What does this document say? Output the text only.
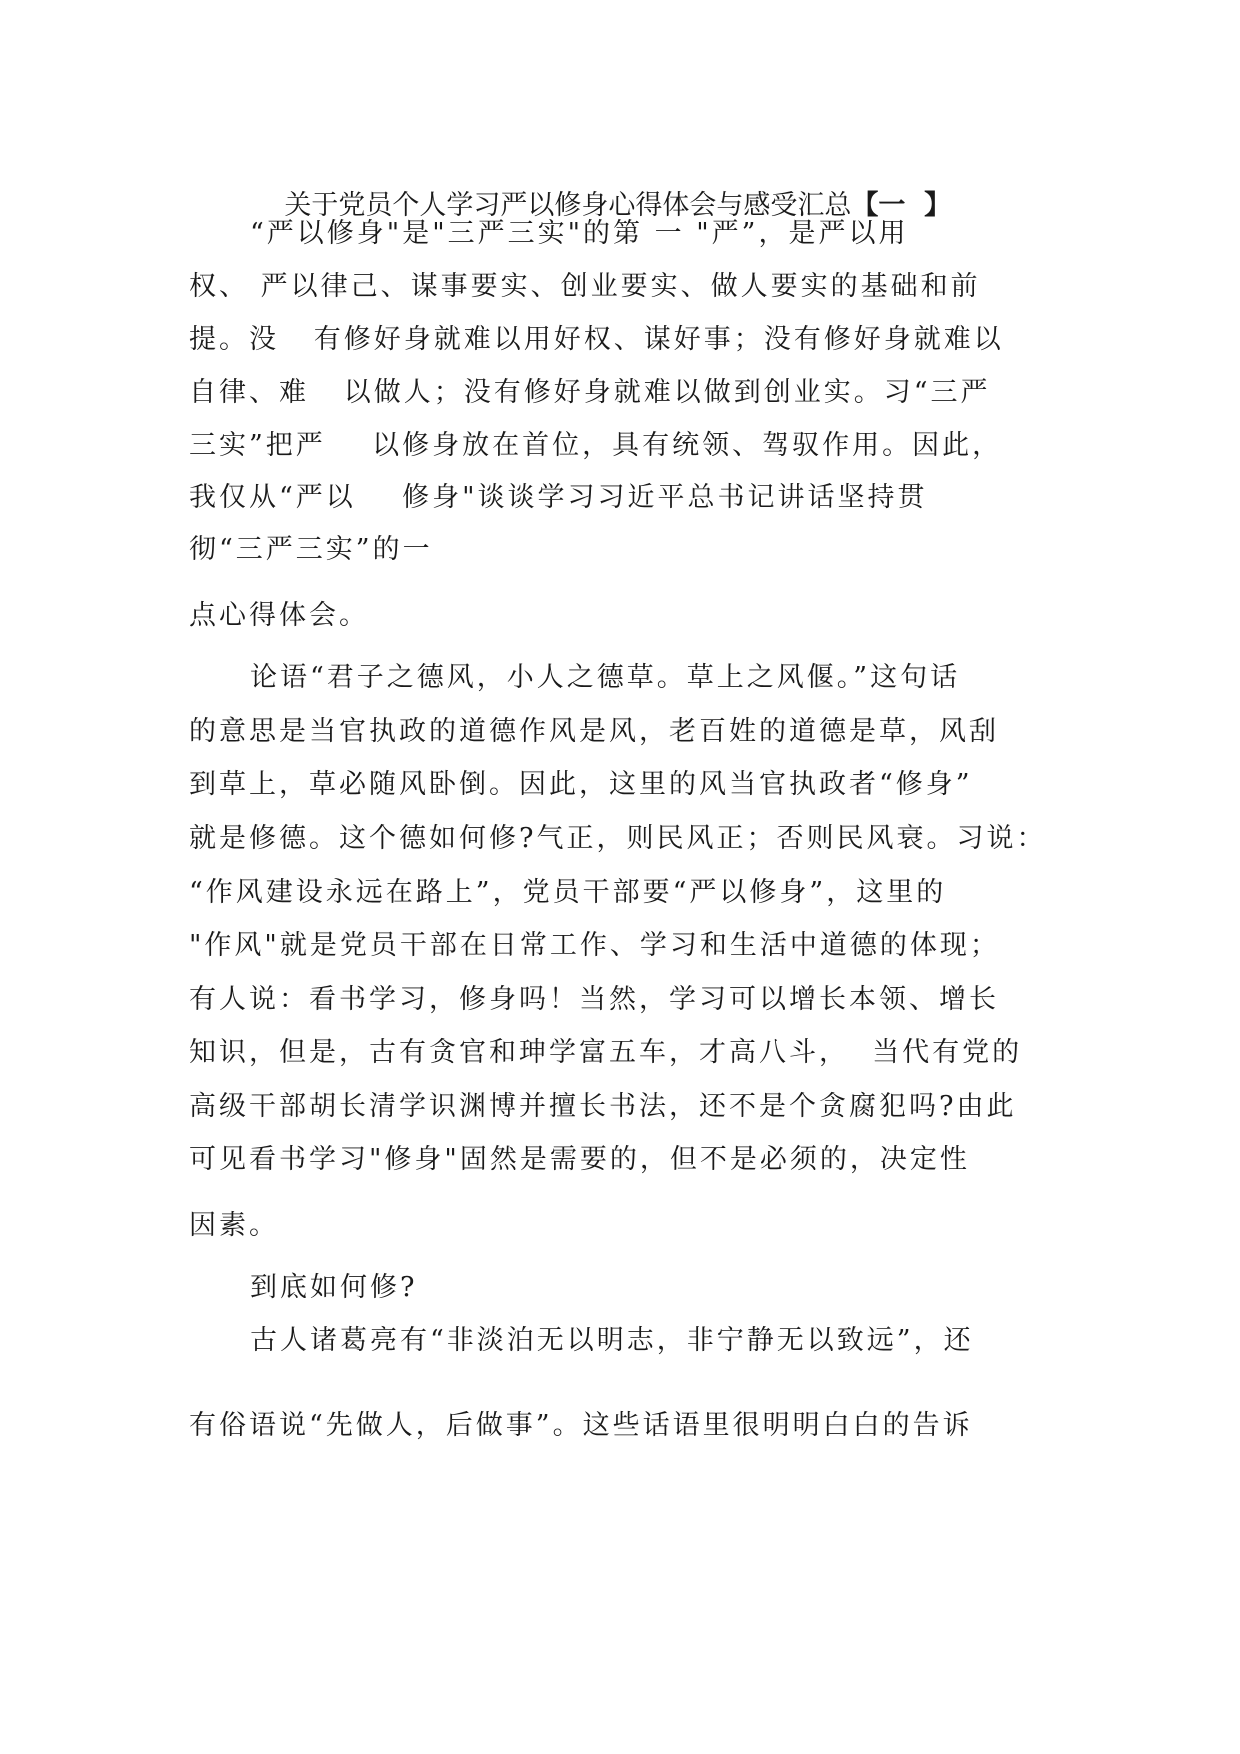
关于党员个人学习严以修身心得体会与感受汇总【一  】

“严以修身"是"三严三实"的第 一 "严”，是严以用
权、 严以律己、谋事要实、创业要实、做人要实的基础和前
提。没   有修好身就难以用好权、谋好事；没有修好身就难以
自律、难   以做人；没有修好身就难以做到创业实。习“三严
三实”把严    以修身放在首位，具有统领、驾驭作用。因此，
我仅从“严以    修身"谈谈学习习近平总书记讲话坚持贯
彻“三严三实”的一
点心得体会。
论语“君子之德风，小人之德草。草上之风偃。”这句话
的意思是当官执政的道德作风是风，老百姓的道德是草，风刮
到草上，草必随风卧倒。因此，这里的风当官执政者“修身”
就是修德。这个德如何修?气正，则民风正；否则民风衰。习说：
“作风建设永远在路上”，党员干部要“严以修身”，这里的
"作风"就是党员干部在日常工作、学习和生活中道德的体现；
有人说：看书学习，修身吗！当然，学习可以增长本领、增长
知识，但是，古有贪官和珅学富五车，才高八斗，  当代有党的
高级干部胡长清学识渊博并擅长书法，还不是个贪腐犯吗?由此
可见看书学习"修身"固然是需要的，但不是必须的，决定性
因素。
到底如何修?
古人诸葛亮有“非淡泊无以明志，非宁静无以致远”，还
有俗语说“先做人，后做事”。这些话语里很明明白白的告诉
